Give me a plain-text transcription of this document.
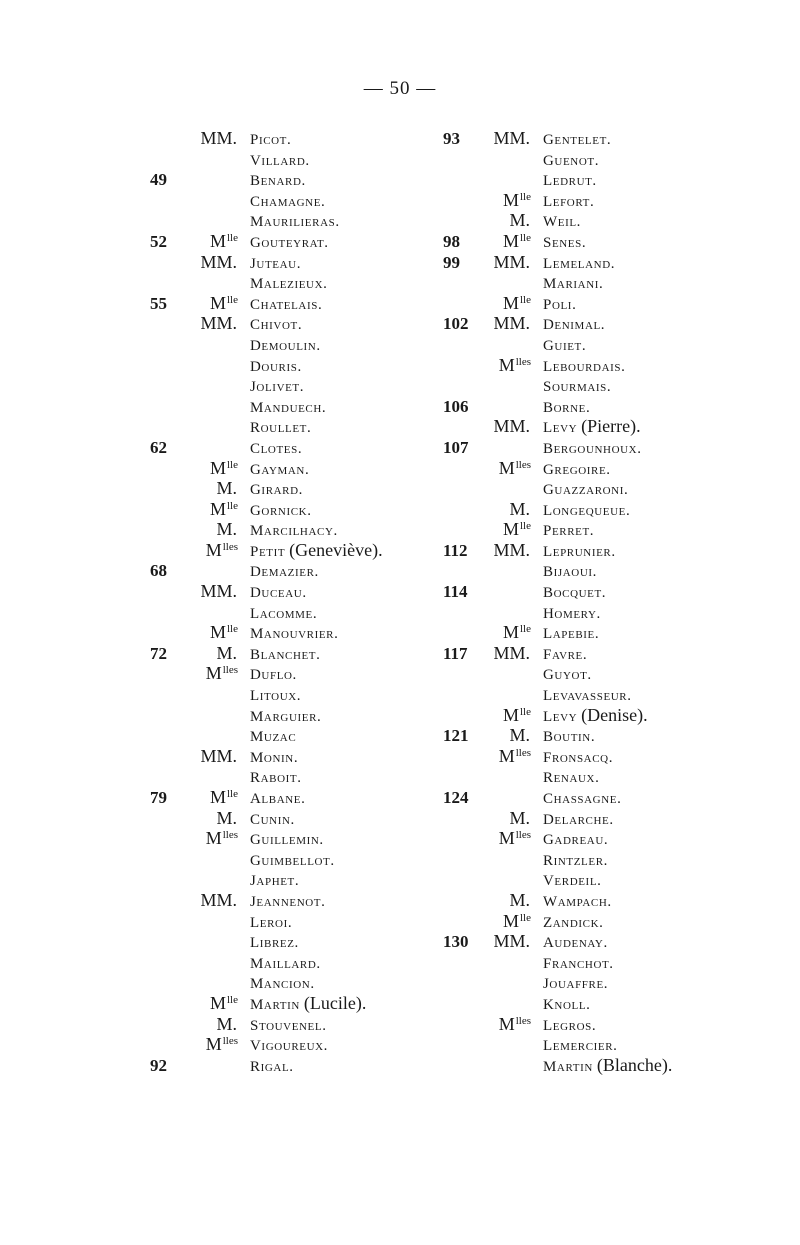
— 50 —
MM. Picot.
Villard.
49	Benard.
Chamagne.
Maurilieras.
52 $M^{lle}$ Gouteyrat.
MM. Juteau.
Malezieux.
55 $M^{lle}$ Chatelais.
MM. Chivot.
Demoulin.
Douris.
Jolivet.
Manduech.
Roullet.
62	Clotes.
$M^{lle}$ Gayman.
M. Girard.
$M^{lle}$ Gornick.
M. Marcilhacy.
$M^{lles}$ Petit (Geneviève).
68	Demazier.
MM. Duceau.
Lacomme.
$M^{lle}$ Manouvrier.
72	M. Blanchet.
$M^{lles}$ Duflo.
Litoux.
Marguier.
Muzac
MM. Monin.
Raboit.
79 $M^{lle}$ Albane.
M. Cunin.
$M^{lles}$ Guillemin.
Guimbellot.
Japhet.
MM. Jeannenot.
Leroi.
Librez.
Maillard.
Mancion.
$M^{lle}$ Martin (Lucile).
M. Stouvenel.
$M^{lles}$ Vigoureux.
92	Rigal.
93 MM. Gentelet.
Guenot.
Ledrut.
$M^{lle}$ Lefort.
M. Weil.
98 $M^{lle}$ Senes.
99 MM. Lemeland.
Mariani.
$M^{lle}$ Poli.
102 MM. Denimal.
Guiet.
$M^{lles}$ Lebourdais.
Sourmais.
106	Borne.
MM. Levy (Pierre).
107	Bergounhoux.
$M^{lles}$ Gregoire.
Guazzaroni.
M. Longequeue.
$M^{lle}$ Perret.
112 MM. Leprunier.
Bijaoui.
114	Bocquet.
Homery.
$M^{lle}$ Lapebie.
117 MM. Favre.
Guyot.
Levavasseur.
$M^{lle}$ Levy (Denise).
121 M. Boutin.
$M^{lles}$ Fronsacq.
Renaux.
124	Chassagne.
M. Delarche.
$M^{lles}$ Gadreau.
Rintzler.
Verdeil.
M. Wampach.
$M^{lle}$ Zandick.
130 MM. Audenay.
Franchot.
Jouaffre.
Knoll.
$M^{lles}$ Legros.
Lemercier.
Martin (Blanche).
